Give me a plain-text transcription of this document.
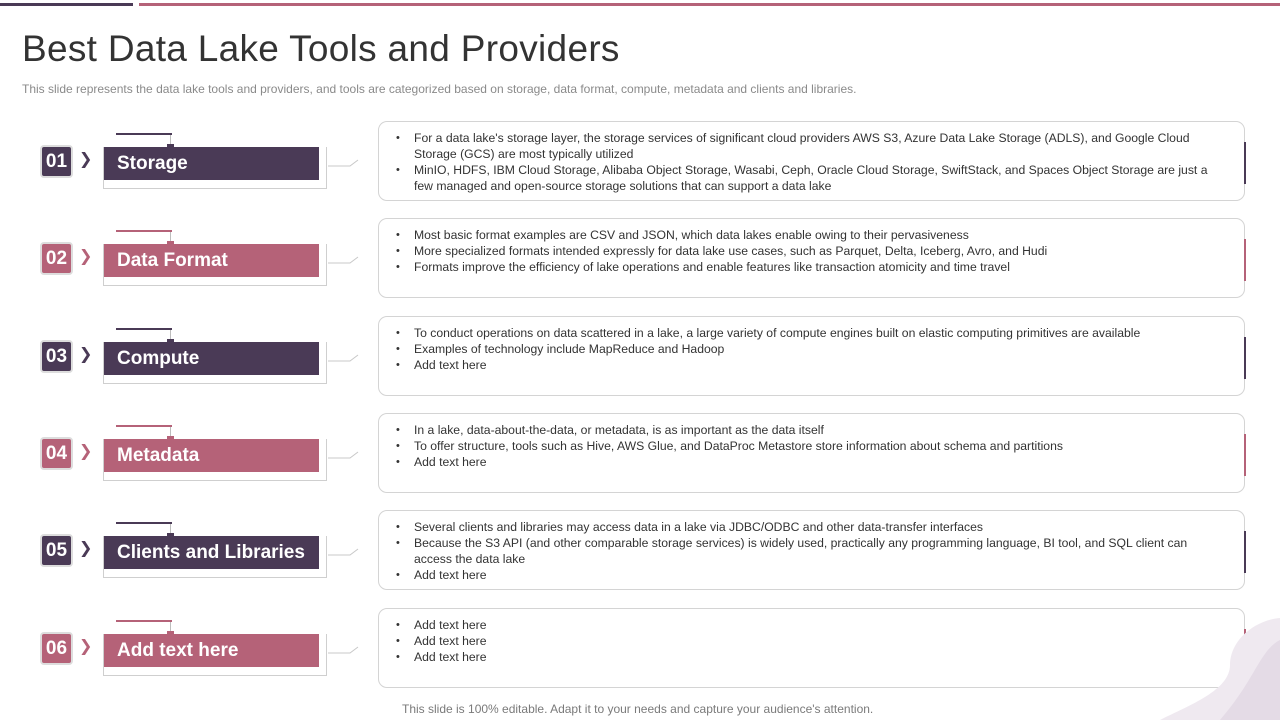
Best Data Lake Tools and Providers
This slide represents the data lake tools and providers, and tools are categorized based on storage, data format, compute, metadata and clients and libraries.
01 ❯	Storage
• For a data lake's storage layer, the storage services of significant cloud providers AWS S3, Azure Data Lake Storage (ADLS), and Google Cloud Storage (GCS) are most typically utilized
• MinIO, HDFS, IBM Cloud Storage, Alibaba Object Storage, Wasabi, Ceph, Oracle Cloud Storage, SwiftStack, and Spaces Object Storage are just a few managed and open-source storage solutions that can support a data lake
02 ❯	Data Format
• Most basic format examples are CSV and JSON, which data lakes enable owing to their pervasiveness
• More specialized formats intended expressly for data lake use cases, such as Parquet, Delta, Iceberg, Avro, and Hudi
• Formats improve the efficiency of lake operations and enable features like transaction atomicity and time travel
03 ❯	Compute
• To conduct operations on data scattered in a lake, a large variety of compute engines built on elastic computing primitives are available
• Examples of technology include MapReduce and Hadoop
• Add text here
04 ❯	Metadata
• In a lake, data-about-the-data, or metadata, is as important as the data itself
• To offer structure, tools such as Hive, AWS Glue, and DataProc Metastore store information about schema and partitions
• Add text here
05 ❯	Clients and Libraries
• Several clients and libraries may access data in a lake via JDBC/ODBC and other data-transfer interfaces
• Because the S3 API (and other comparable storage services) is widely used, practically any programming language, BI tool, and SQL client can access the data lake
• Add text here
06 ❯	Add text here
• Add text here
• Add text here
• Add text here
This slide is 100% editable. Adapt it to your needs and capture your audience's attention.
